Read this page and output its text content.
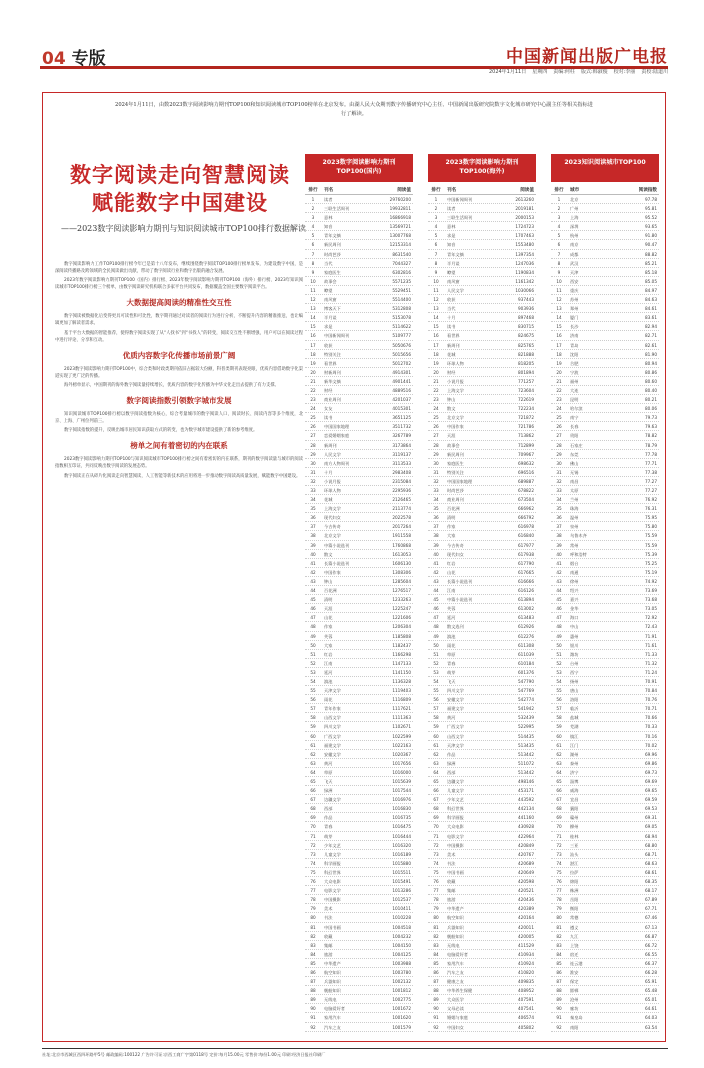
04 专版	中国新闻出版广电报
2024年1月11日 星期四 责编:何柱 版式:韩淑俊 校对:李丽 责校:陆道川
2024年1月11日，由数2023数字阅读影响力期刊TOP100和知识阅读城市TOP100榜单在北京发布。由湖人民大众期刊数字传播研究中心主任、中国新闻出版研究院数字文化城市研究中心副主任等相关指标进行了解读。
数字阅读走向智慧阅读
赋能数字中国建设
——2023数字阅读影响力期刊与知识阅读城市TOP100排行数据解读

数字阅读影响力工作TOP100排行榜今年已是第十八年发布，继续围绕数字阅读TOP100排行榜单发布，为建设数字中国，是深阅读传播路及跨领域的全民阅读做出贡献，带动了数字阅读行业和数字出版的融合发展。

2023年数字阅读影响力期刊TOP100（国内）排行榜、2023年数字阅读影响力期刊TOP100（海外）排行榜、2023年知识阅读城市TOP100排行榜三个榜单，由数字阅读研究机构联合多家平台共同发布，数据覆盖全国主要数字阅读平台。

大数据提高阅读的精准性交互性

数字阅读被数据化后变得更具可读性和可比性，数字期刊通过对读者的阅读行为进行分析，不断提升内容的精准推送，也让编辑更加了解读者需求。

基于平台大数据的智能推荐，使得数字阅读实现了从“人找书”到“书找人”的转变，阅读交互性不断增强，用户可以在阅读过程中进行评论、分享和互动。

优质内容数字化传播市场前景广阔

2023数字阅读影响力期刊TOP100中，综合类和时政类期刊依旧占据较大份额，科普类期刊表现亮眼，优质内容借助数字化渠道实现了更广泛的传播。

海外榜单显示，中国期刊的海外数字阅读量持续增长，优质内容的数字化传播为中华文化走出去提供了有力支撑。

数字阅读指数引领数字城市发展

知识阅读城市TOP100排行榜以数字阅读指数为核心，综合考量城市的数字阅读人口、阅读时长、阅读内容等多个维度，北京、上海、广州位列前三。

数字阅读指数的提升，反映出城市居民知识获取方式的转变，也为数字城市建设提供了新的参考维度。

榜单之间有着密切的内在联系

2023数字阅读影响力期刊TOP100与知识阅读城市TOP100排行榜之间有着密切的内在联系，期刊的数字阅读量与城市的阅读指数相互印证，共同反映出数字阅读的发展态势。

数字阅读正在从碎片化阅读走向智慧阅读，人工智能等新技术的应用将进一步推动数字阅读高质量发展，赋能数字中国建设。

2023数字阅读影响力期刊TOP100(国内)
排行	刊名	阅读值
1	读者	29760200
2	三联生活周刊	19932811
3	意林	16866918
4	知音	13569721
5	青年文摘	13007768
6	新民周刊	12153314
7	时尚芭莎	8631540
8	当代	7044327
9	家庭医生	6302816
10	故事会	5571235
11	瞭望	5529451
12	南风窗	5514400
13	博客天下	5312808
14	半月谈	5153078
15	求是	5114622
16	中国新闻周刊	5109777
17	收获	5050676
18	特别关注	5015656
19	看世界	5012702
20	财新周刊	4914301
21	新华文摘	4901441
22	财经	4889516
23	商业周刊	4201037
24	女友	4015301
25	读书	3651125
26	中国国家地理	3511732
27	恋爱婚姻家庭	3267789
28	新周刊	3173864
29	人民文学	3119137
30	南方人物周刊	3113533
31	十月	2983408
32	小说月报	2315084
33	环球人物	2295936
34	花城	2126465
35	上海文学	2113774
36	现代妇女	2022578
37	今古传奇	2017264
38	北京文学	1911558
39	中篇小说选刊	1760868
40	散文	1613053
41	长篇小说选刊	1606130
42	中国作家	1308306
43	钟山	1285604
44	百花洲	1276517
45	清明	1233263
46	天涯	1225247
47	山花	1221606
48	作家	1206304
49	芙蓉	1185808
50	大家	1182437
51	红岩	1166298
52	江南	1147133
53	延河	1141150
54	滇池	1136328
55	天津文学	1119403
56	雨花	1116809
57	青年作家	1117621
58	山西文学	1111363
59	四川文学	1102671
60	广西文学	1022599
61	福建文学	1022163
62	安徽文学	1020367
63	黄河	1017656
64	草原	1016000
65	飞天	1015639
66	绿洲	1017544
67	边疆文学	1016976
68	西部	1016830
69	作品	1016735
70	青春	1016475
71	萌芽	1016444
72	少年文艺	1016320
73	儿童文学	1016189
74	科学画报	1015880
75	科幻世界	1015511
76	大众电影	1015491
77	电影文学	1013286
78	中国摄影	1012537
79	美术	1010411
80	书法	1010228
81	中国书画	1004518
82	收藏	1004232
83	集邮	1004150
84	旅游	1004125
85	中华遗产	1003988
86	航空知识	1003780
87	兵器知识	1002132
88	舰船知识	1001812
89	无线电	1002775
90	电脑爱好者	1001672
91	家用汽车	1001620
92	汽车之友	1001579
2023数字阅读影响力期刊TOP100(海外)
排行	刊名	阅读值
1	中国新闻周刊	2613260
2	读者	2019181
3	三联生活周刊	2000153
4	意林	1724723
5	求是	1707463
6	知音	1553480
7	青年文摘	1397354
8	半月谈	1247036
9	瞭望	1190834
10	南风窗	1161342
11	人民文学	1030066
12	收获	937443
13	当代	903936
14	十月	897468
15	读书	830715
16	看世界	824675
17	新周刊	825765
18	花城	821888
19	环球人物	818205
20	财经	801894
21	小说月报	771257
22	上海文学	723604
23	钟山	722619
24	散文	722234
25	北京文学	721872
26	中国作家	721786
27	天涯	713862
28	故事会	712899
29	新民周刊	709967
30	家庭医生	698632
31	特别关注	696516
32	中国国家地理	689887
33	时尚芭莎	678822
34	商业周刊	673504
35	百花洲	666962
36	清明	666792
37	作家	616978
38	大家	616840
39	今古传奇	617977
40	现代妇女	617938
41	红岩	617790
42	山花	617665
43	长篇小说选刊	616666
44	江南	616126
45	中篇小说选刊	613894
46	芙蓉	613002
47	延河	613483
48	散文选刊	612926
49	滇池	612276
50	雨花	611308
51	草原	611039
52	青春	610184
53	萌芽	601376
54	飞天	547790
55	四川文学	547769
56	安徽文学	542774
57	福建文学	541942
58	黄河	532439
59	广西文学	522995
60	山西文学	514435
61	天津文学	513435
62	作品	513442
63	绿洲	511072
64	西部	513442
65	边疆文学	498146
66	儿童文学	453171
67	少年文艺	443592
68	科幻世界	442134
69	科学画报	441160
70	大众电影	430928
71	电影文学	422964
72	中国摄影	420849
73	美术	420767
74	书法	420689
75	中国书画	420649
76	收藏	420598
77	集邮	420521
78	旅游	420436
79	中华遗产	420389
80	航空知识	420164
81	兵器知识	420011
82	舰船知识	420005
83	无线电	411529
84	电脑爱好者	410934
85	家用汽车	410924
86	汽车之友	410820
87	健康之友	409835
88	中华养生保健	408952
89	大众医学	407591
90	父母必读	407541
91	婚姻与家庭	406574
92	中国妇女	405802
2023知识阅读城市TOP100
排行	城市	阅读指数
1	北京	97.78
2	广州	95.81
3	上海	95.52
4	深圳	93.65
5	杭州	91.80
6	南京	90.47
7	成都	88.82
8	武汉	85.21
9	天津	85.18
10	西安	85.05
11	重庆	84.97
12	苏州	84.63
13	郑州	84.61
14	厦门	83.61
15	长沙	82.94
16	济南	82.71
17	青岛	82.61
18	沈阳	81.90
19	合肥	80.94
20	宁波	80.86
21	福州	80.60
22	大连	80.40
23	昆明	80.21
24	哈尔滨	80.06
25	南宁	79.73
26	长春	79.63
27	贵阳	78.82
28	石家庄	78.79
29	东莞	77.78
30	佛山	77.71
31	无锡	77.38
32	南昌	77.27
33	太原	77.27
34	兰州	76.92
35	珠海	76.31
36	温州	75.95
37	泉州	75.80
38	乌鲁木齐	75.59
39	常州	75.59
40	呼和浩特	75.39
41	烟台	75.25
42	南通	75.19
43	徐州	74.92
44	绍兴	73.69
45	嘉兴	73.68
46	金华	73.05
47	海口	72.92
48	中山	72.43
49	惠州	71.91
50	银川	71.61
51	潍坊	71.33
52	台州	71.32
53	西宁	71.24
54	扬州	70.91
55	唐山	70.84
56	洛阳	70.76
57	临沂	70.71
58	盐城	70.66
59	芜湖	70.33
60	镇江	70.16
61	江门	70.02
62	湖州	69.96
63	泰州	69.86
64	济宁	69.73
65	淄博	69.69
66	威海	69.65
67	宜昌	69.59
68	襄阳	69.53
69	赣州	69.31
70	柳州	69.05
71	桂林	68.94
72	三亚	68.80
73	汕头	68.71
74	湛江	68.63
75	拉萨	68.61
76	绵阳	68.35
77	株洲	68.17
78	岳阳	67.89
79	衡阳	67.71
80	常德	67.46
81	遵义	67.13
82	九江	66.87
83	上饶	66.72
84	宿迁	66.55
85	连云港	66.37
86	淮安	66.28
87	保定	65.91
88	邯郸	65.48
89	沧州	65.01
90	廊坊	64.61
91	秦皇岛	64.03
92	南阳	63.54
社址:北京市西城区西四环路甲5号 邮政编码:100122 广告许可证:京西工商广字第0118号 定价:每月15.00元 零售价:每份1.00元 印刷:经济日报社印刷厂
